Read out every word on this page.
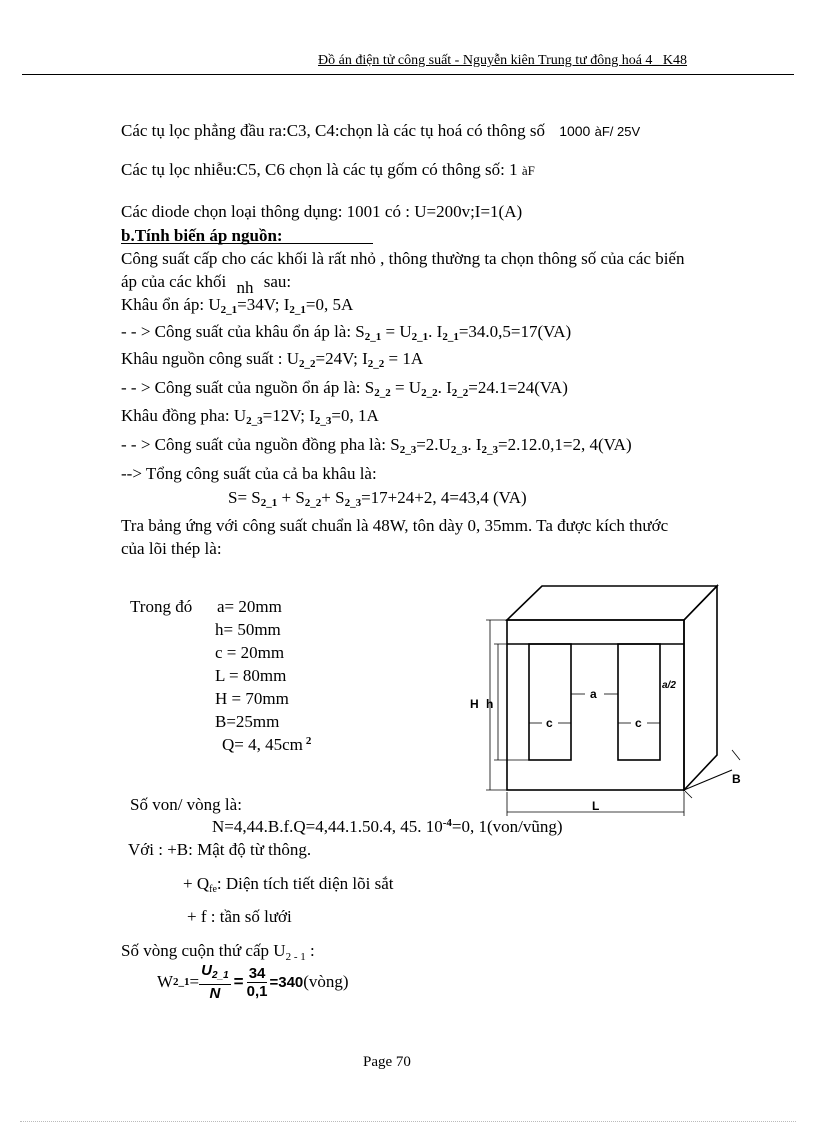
Đồ án điện tử công suất - Nguyễn kiên Trung tư đông hoá 4_ K48
Các tụ lọc phẳng đầu ra:C3, C4:chọn là các tụ hoá có thông số 1000 àF/ 25V
Các tụ lọc nhiễu:C5, C6 chọn là các tụ gốm có thông số: 1 àF
Các diode chọn loại thông dụng: 1001 có : U=200v;I=1(A)
b.Tính biến áp nguồn:
Công suất cấp cho các khối là rất nhỏ , thông thường ta chọn thông số của các biến
áp của các khối nh sau:
Khâu ổn áp: $U_{2\_1}=34V$; $I_{2\_1}=0$, 5A
- - > Công suất của khâu ổn áp là: $S_{2\_1} = U_{2\_1}$. $I_{2\_1}=34.0,5=17(VA)$
Khâu nguồn công suất : $U_{2\_2}=24V$; $I_{2\_2} = 1A$
- - > Công suất của nguồn ổn áp là: $S_{2\_2} = U_{2\_2}$. $I_{2\_2}=24.1=24(VA)$
Khâu đồng pha: $U_{2\_3}=12V$; $I_{2\_3}=0$, 1A
- - > Công suất của nguồn đồng pha là: $S_{2\_3}=2.U_{2\_3}$. $I_{2\_3}=2.12.0,1=2$, 4(VA)
--> Tổng công suất của cả ba khâu là:
$S= S_{2\_1} + S_{2\_2}+ S_{2\_3}=17+24+2$, 4=43,4 (VA)
Tra bảng ứng với công suất chuẩn là 48W, tôn dày 0, 35mm. Ta được kích thước
của lõi thép là:
Trong đó a= 20mm
h= 50mm
c = 20mm
L = 80mm
H = 70mm
B=25mm
Q= 4, 45cm $^2$
H h
a
c	c
a/2
B
L
Số von/ vòng là:
N=4,44.B.f.Q=4,44.1.50.4, 45. $10^{-4}=0$, 1(von/vũng)
Với : +B: Mật độ từ thông.
+ Qfe: Diện tích tiết diện lõi sắt
+ f : tần số lưới
Số vòng cuộn thứ cấp $U_{2 - 1}$ :
W 2_1 = $\frac{U_{2\_1}}{N} = \frac{34}{0,1} = 340$ (vòng)
Page 70
